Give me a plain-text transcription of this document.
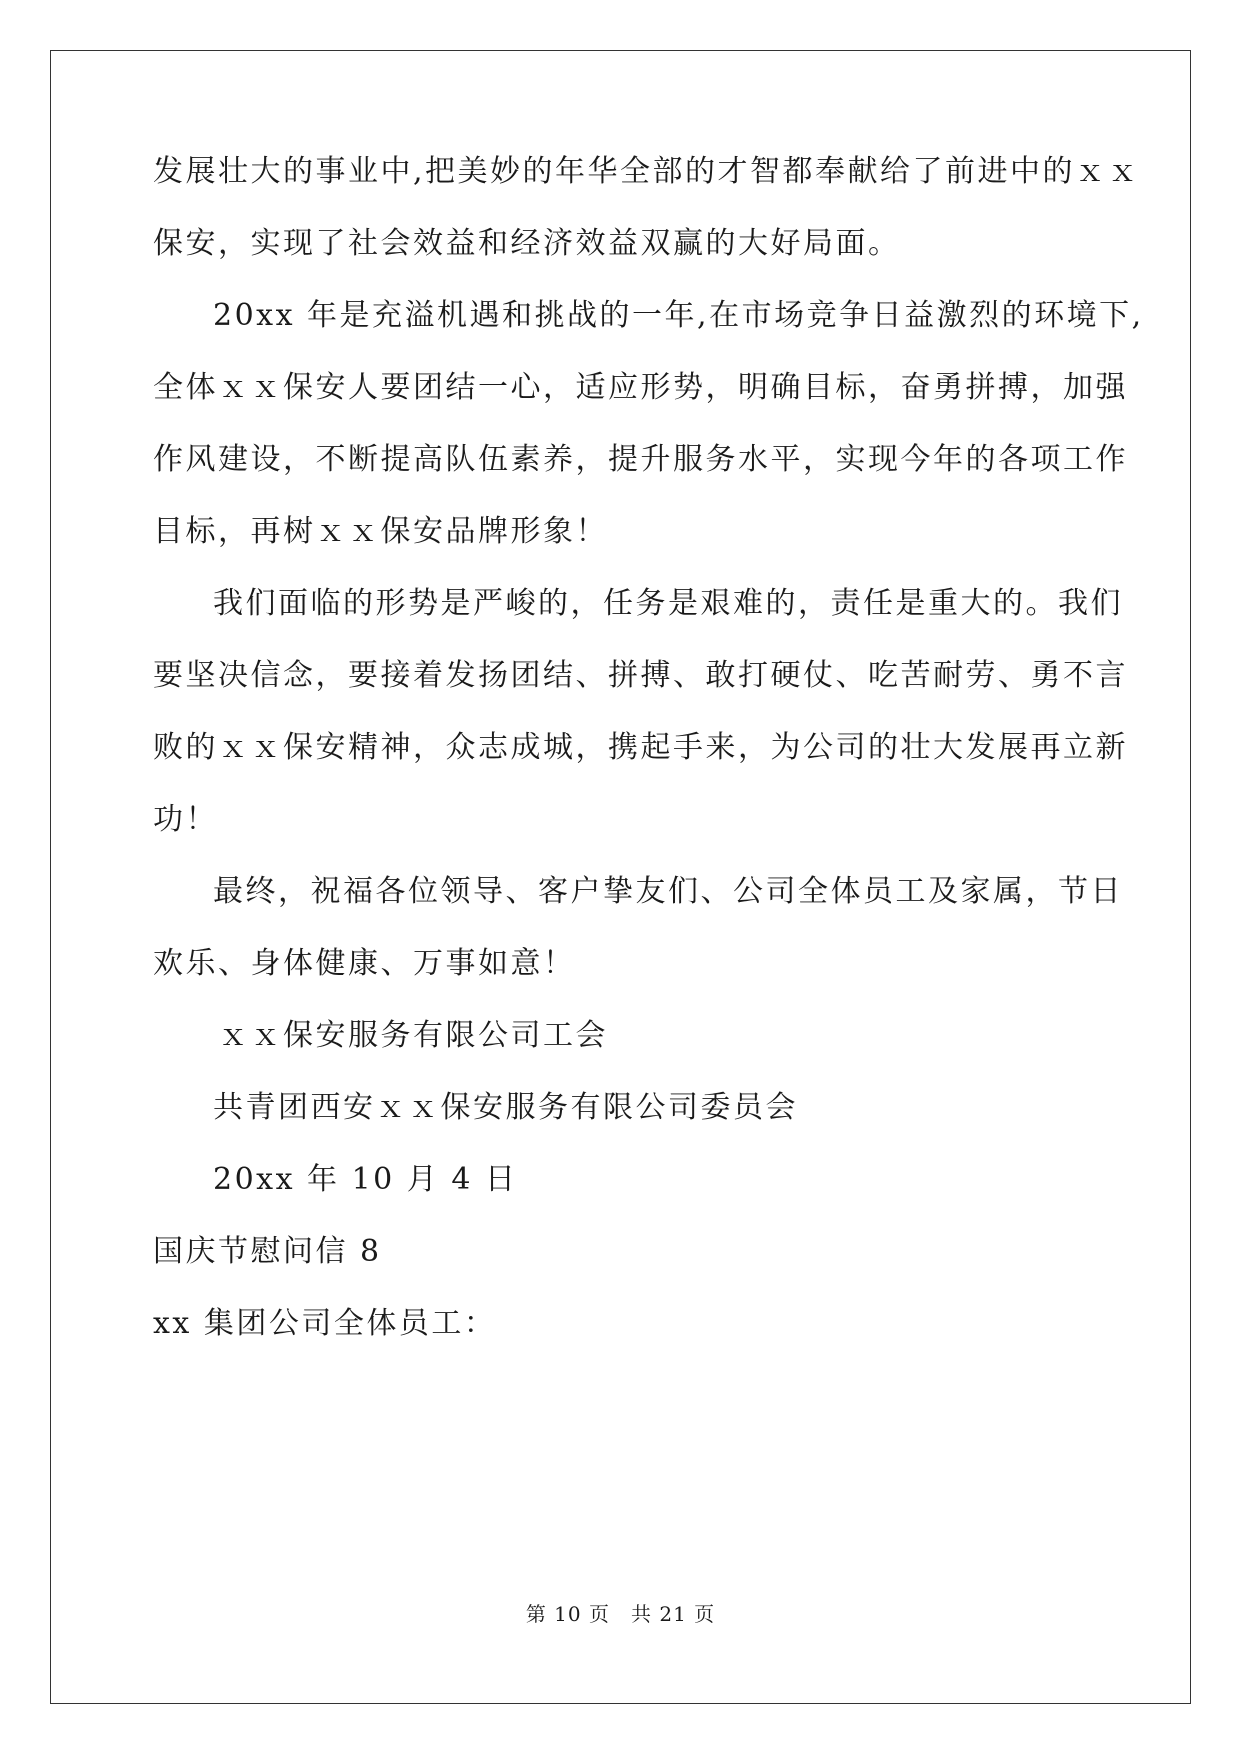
发展壮大的事业中,把美妙的年华全部的才智都奉献给了前进中的ｘｘ

保安，实现了社会效益和经济效益双赢的大好局面。

20xx 年是充溢机遇和挑战的一年,在市场竞争日益激烈的环境下,

全体ｘｘ保安人要团结一心，适应形势，明确目标，奋勇拼搏，加强

作风建设，不断提高队伍素养，提升服务水平，实现今年的各项工作

目标，再树ｘｘ保安品牌形象！

我们面临的形势是严峻的，任务是艰难的，责任是重大的。我们

要坚决信念，要接着发扬团结、拼搏、敢打硬仗、吃苦耐劳、勇不言

败的ｘｘ保安精神，众志成城，携起手来，为公司的壮大发展再立新

功！

最终，祝福各位领导、客户挚友们、公司全体员工及家属，节日

欢乐、身体健康、万事如意！

ｘｘ保安服务有限公司工会

共青团西安ｘｘ保安服务有限公司委员会

20xx 年 10 月 4 日

国庆节慰问信 8

xx 集团公司全体员工：

第 10 页　共 21 页
